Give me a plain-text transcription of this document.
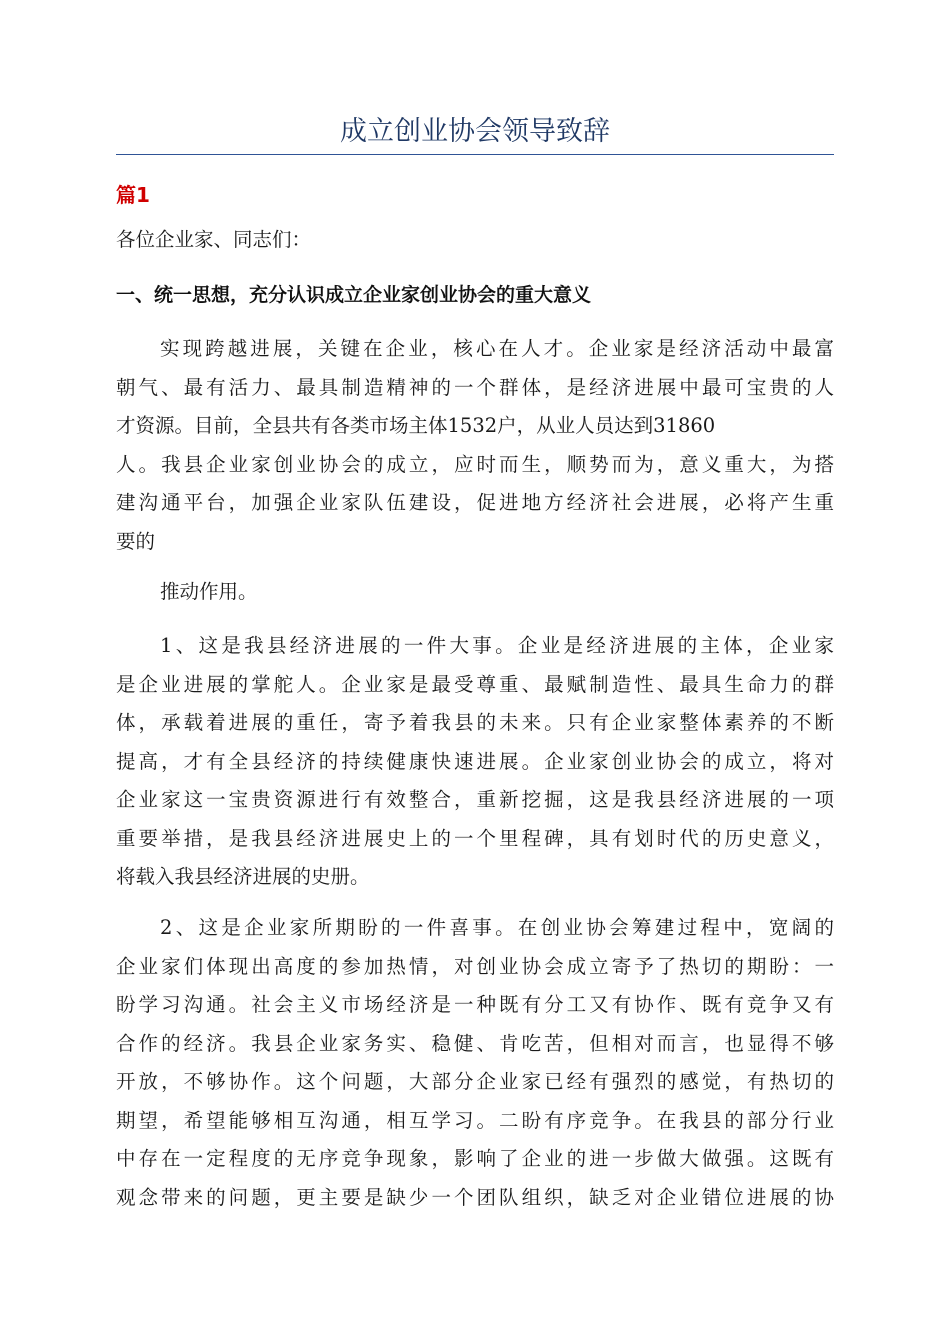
成立创业协会领导致辞
篇1
各位企业家、同志们：
一、统一思想，充分认识成立企业家创业协会的重大意义
实现跨越进展，关键在企业，核心在人才。企业家是经济活动中最富
朝气、最有活力、最具制造精神的一个群体，是经济进展中最可宝贵的人
才资源。目前，全县共有各类市场主体1532户，从业人员达到31860
人。我县企业家创业协会的成立，应时而生，顺势而为，意义重大，为搭
建沟通平台，加强企业家队伍建设，促进地方经济社会进展，必将产生重
要的
推动作用。
1、这是我县经济进展的一件大事。企业是经济进展的主体，企业家
是企业进展的掌舵人。企业家是最受尊重、最赋制造性、最具生命力的群
体，承载着进展的重任，寄予着我县的未来。只有企业家整体素养的不断
提高，才有全县经济的持续健康快速进展。企业家创业协会的成立，将对
企业家这一宝贵资源进行有效整合，重新挖掘，这是我县经济进展的一项
重要举措，是我县经济进展史上的一个里程碑，具有划时代的历史意义，
将载入我县经济进展的史册。
2、这是企业家所期盼的一件喜事。在创业协会筹建过程中，宽阔的
企业家们体现出高度的参加热情，对创业协会成立寄予了热切的期盼：一
盼学习沟通。社会主义市场经济是一种既有分工又有协作、既有竞争又有
合作的经济。我县企业家务实、稳健、肯吃苦，但相对而言，也显得不够
开放，不够协作。这个问题，大部分企业家已经有强烈的感觉，有热切的
期望，希望能够相互沟通，相互学习。二盼有序竞争。在我县的部分行业
中存在一定程度的无序竞争现象，影响了企业的进一步做大做强。这既有
观念带来的问题，更主要是缺少一个团队组织，缺乏对企业错位进展的协
